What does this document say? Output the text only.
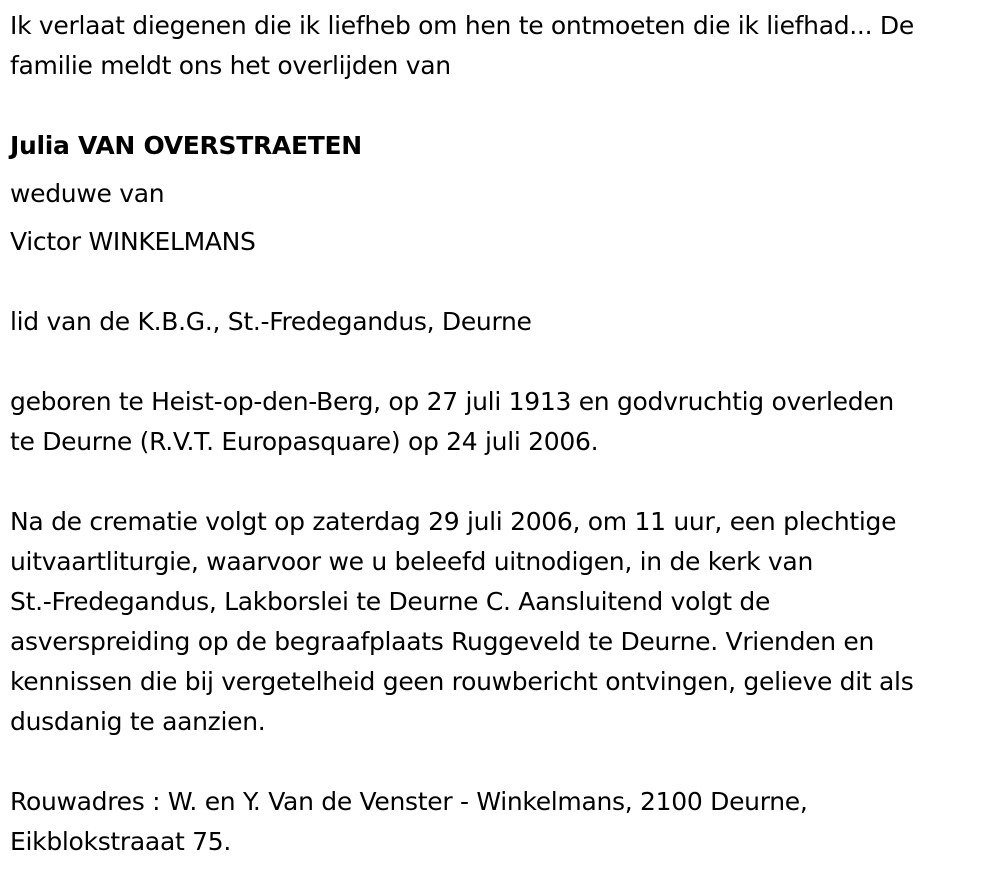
Ik verlaat diegenen die ik liefheb om hen te ontmoeten die ik liefhad... De
familie meldt ons het overlijden van
Julia VAN OVERSTRAETEN
weduwe van
Victor WINKELMANS
lid van de K.B.G., St.-Fredegandus, Deurne
geboren te Heist-op-den-Berg, op 27 juli 1913 en godvruchtig overleden
te Deurne (R.V.T. Europasquare) op 24 juli 2006.
Na de crematie volgt op zaterdag 29 juli 2006, om 11 uur, een plechtige
uitvaartliturgie, waarvoor we u beleefd uitnodigen, in de kerk van
St.-Fredegandus, Lakborslei te Deurne C. Aansluitend volgt de
asverspreiding op de begraafplaats Ruggeveld te Deurne. Vrienden en
kennissen die bij vergetelheid geen rouwbericht ontvingen, gelieve dit als
dusdanig te aanzien.
Rouwadres : W. en Y. Van de Venster - Winkelmans, 2100 Deurne,
Eikblokstraaat 75.
